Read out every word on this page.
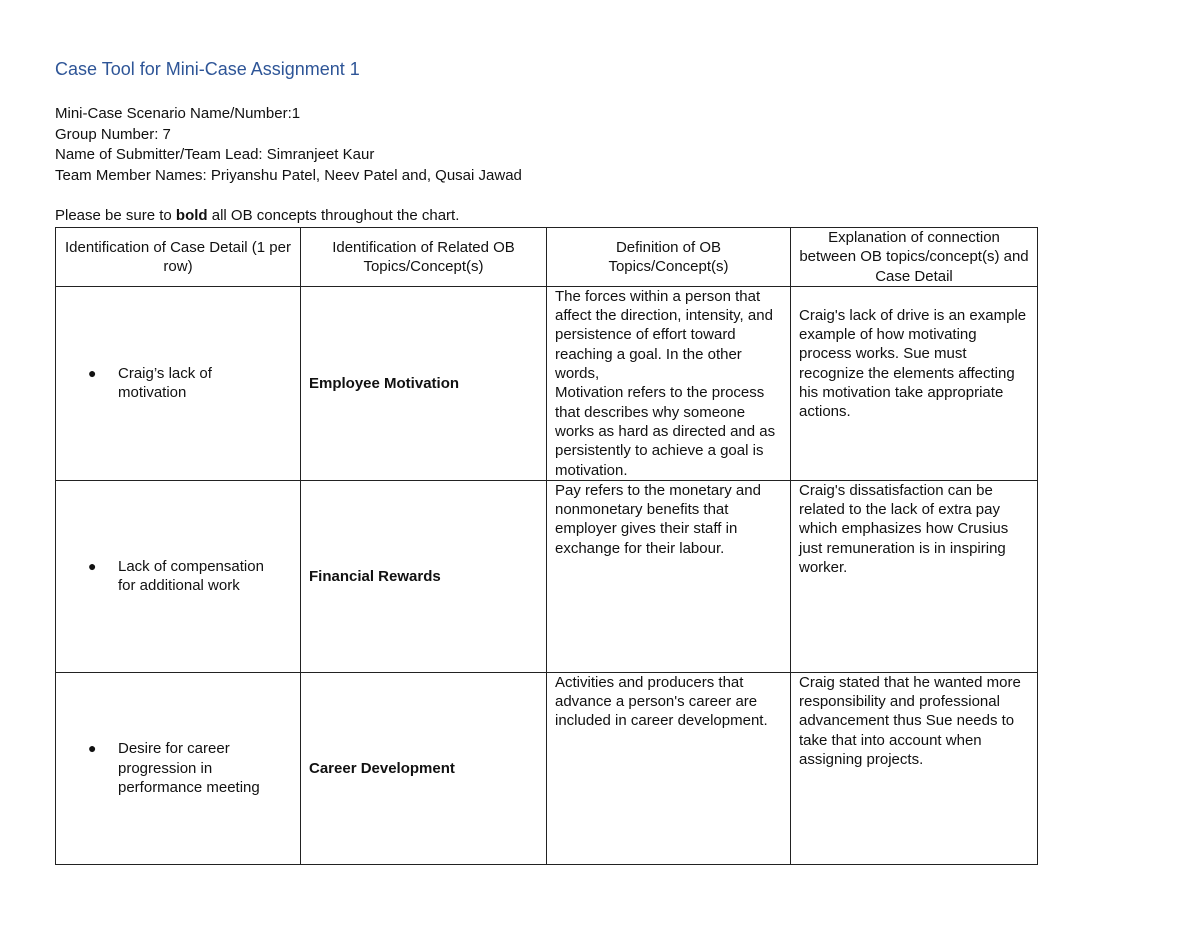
Case Tool for Mini-Case Assignment 1
Mini-Case Scenario Name/Number:1
Group Number: 7
Name of Submitter/Team Lead: Simranjeet Kaur
Team Member Names: Priyanshu Patel, Neev Patel and, Qusai Jawad
Please be sure to bold all OB concepts throughout the chart.
Identification of Case Detail (1 per row)	Identification of Related OB Topics/Concept(s)	Definition of OB Topics/Concept(s)	Explanation of connection between OB topics/concept(s) and Case Detail

● Craig’s lack of motivation	Employee Motivation	The forces within a person that affect the direction, intensity, and persistence of effort toward reaching a goal. In the other words,
Motivation refers to the process that describes why someone works as hard as directed and as persistently to achieve a goal is motivation.	Craig's lack of drive is an example example of how motivating process works. Sue must recognize the elements affecting his motivation take appropriate actions.

● Lack of compensation for additional work	Financial Rewards	Pay refers to the monetary and nonmonetary benefits that employer gives their staff in exchange for their labour.	Craig's dissatisfaction can be related to the lack of extra pay which emphasizes how Crusius just remuneration is in inspiring worker.

● Desire for career progression in performance meeting	Career Development	Activities and producers that advance a person's career are included in career development.	Craig stated that he wanted more responsibility and professional advancement thus Sue needs to take that into account when assigning projects.
